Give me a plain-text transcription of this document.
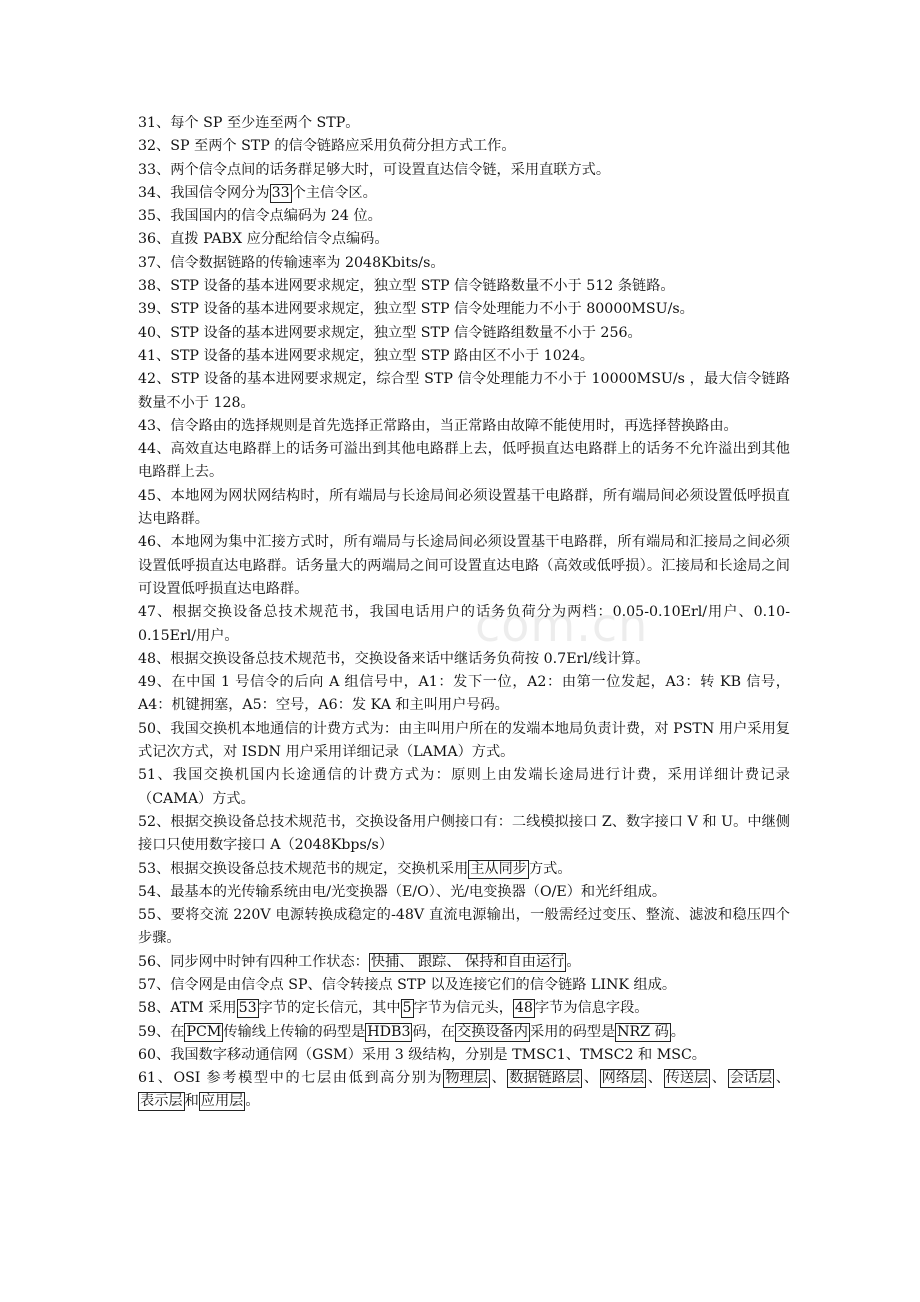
com.cn

31、每个 SP 至少连至两个 STP。

32、SP 至两个 STP 的信令链路应采用负荷分担方式工作。

33、两个信令点间的话务群足够大时，可设置直达信令链，采用直联方式。

34、我国信令网分为 33 个主信令区。

35、我国国内的信令点编码为 24 位。

36、直拨 PABX 应分配给信令点编码。

37、信令数据链路的传输速率为 2048Kbits/s。

38、STP 设备的基本进网要求规定，独立型 STP 信令链路数量不小于 512 条链路。

39、STP 设备的基本进网要求规定，独立型 STP 信令处理能力不小于 80000MSU/s。

40、STP 设备的基本进网要求规定，独立型 STP 信令链路组数量不小于 256。

41、STP 设备的基本进网要求规定，独立型 STP 路由区不小于 1024。

42、STP 设备的基本进网要求规定，综合型 STP 信令处理能力不小于 10000MSU/s ，最大信令链路数量不小于 128。

43、信令路由的选择规则是首先选择正常路由，当正常路由故障不能使用时，再选择替换路由。

44、高效直达电路群上的话务可溢出到其他电路群上去，低呼损直达电路群上的话务不允许溢出到其他电路群上去。

45、本地网为网状网结构时，所有端局与长途局间必须设置基干电路群，所有端局间必须设置低呼损直达电路群。

46、本地网为集中汇接方式时，所有端局与长途局间必须设置基干电路群，所有端局和汇接局之间必须设置低呼损直达电路群。话务量大的两端局之间可设置直达电路（高效或低呼损）。汇接局和长途局之间可设置低呼损直达电路群。

47、根据交换设备总技术规范书，我国电话用户的话务负荷分为两档：0.05-0.10Erl/用户、0.10-0.15Erl/用户。

48、根据交换设备总技术规范书，交换设备来话中继话务负荷按 0.7Erl/线计算。

49、在中国 1 号信令的后向 A 组信号中，A1：发下一位，A2：由第一位发起，A3：转 KB 信号，A4：机键拥塞，A5：空号，A6：发 KA 和主叫用户号码。

50、我国交换机本地通信的计费方式为：由主叫用户所在的发端本地局负责计费，对 PSTN 用户采用复式记次方式，对 ISDN 用户采用详细记录（LAMA）方式。

51、我国交换机国内长途通信的计费方式为：原则上由发端长途局进行计费，采用详细计费记录（CAMA）方式。

52、根据交换设备总技术规范书，交换设备用户侧接口有：二线模拟接口 Z、数字接口 V 和 U。中继侧接口只使用数字接口 A（2048Kbps/s）

53、根据交换设备总技术规范书的规定，交换机采用 主从同步 方式。

54、最基本的光传输系统由电/光变换器（E/O）、光/电变换器（O/E）和光纤组成。

55、要将交流 220V 电源转换成稳定的-48V 直流电源输出，一般需经过变压、整流、滤波和稳压四个步骤。

56、同步网中时钟有四种工作状态： 快捕、 跟踪、 保持和自由运行 。

57、信令网是由信令点 SP、信令转接点 STP 以及连接它们的信令链路 LINK 组成。

58、ATM 采用 53 字节的定长信元，其中 5 字节为信元头， 48 字节为信息字段。

59、在 PCM 传输线上传输的码型是 HDB3 码，在 交换设备内 采用的码型是 NRZ 码 。

60、我国数字移动通信网（GSM）采用 3 级结构，分别是 TMSC1、TMSC2 和 MSC。

61、OSI 参考模型中的七层由低到高分别为 物理层 、 数据链路层 、 网络层 、 传送层 、 会话层 、表示层 和 应用层 。
